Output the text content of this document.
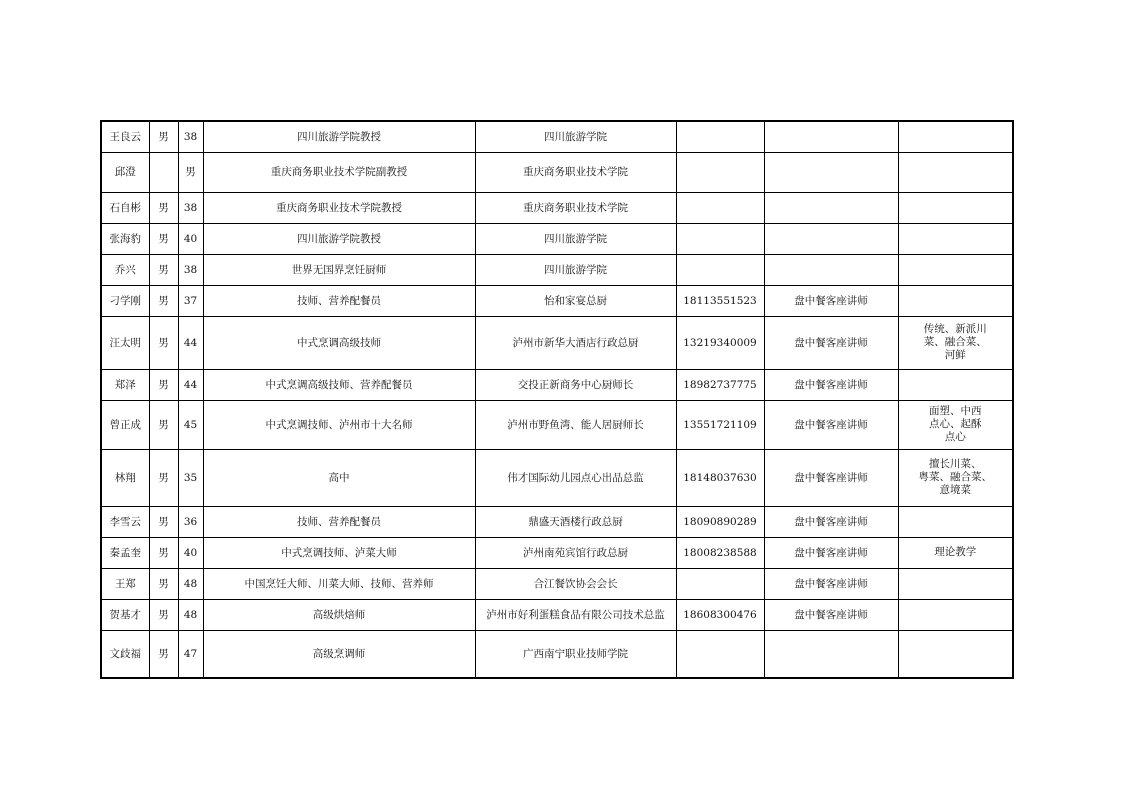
王良云	男	38	四川旅游学院教授	四川旅游学院			
邱澄		男	重庆商务职业技术学院副教授	重庆商务职业技术学院			
石自彬	男	38	重庆商务职业技术学院教授	重庆商务职业技术学院			
张海豹	男	40	四川旅游学院教授	四川旅游学院			
乔兴	男	38	世界无国界烹饪厨师	四川旅游学院			
刁学刚	男	37	技师、营养配餐员	怡和家宴总厨	18113551523	盘中餐客座讲师	
汪太明	男	44	中式烹调高级技师	泸州市新华大酒店行政总厨	13219340009	盘中餐客座讲师	传统、新派川
菜、融合菜、
河鲜
郑泽	男	44	中式烹调高级技师、营养配餐员	交投正新商务中心厨师长	18982737775	盘中餐客座讲师	
曾正成	男	45	中式烹调技师、泸州市十大名师	泸州市野鱼湾、能人居厨师长	13551721109	盘中餐客座讲师	面塑、中西
点心、起酥
点心
林翔	男	35	高中	伟才国际幼儿园点心出品总监	18148037630	盘中餐客座讲师	擅长川菜、
粤菜、融合菜、
意境菜
李雪云	男	36	技师、营养配餐员	鼎盛天酒楼行政总厨	18090890289	盘中餐客座讲师	
秦孟奎	男	40	中式烹调技师、泸菜大师	泸州南苑宾馆行政总厨	18008238588	盘中餐客座讲师	理论教学
王郑	男	48	中国烹饪大师、川菜大师、技师、营养师	合江餐饮协会会长		盘中餐客座讲师	
贺基才	男	48	高级烘焙师	泸州市好利蛋糕食品有限公司技术总监	18608300476	盘中餐客座讲师	
文歧福	男	47	高级烹调师	广西南宁职业技师学院			
